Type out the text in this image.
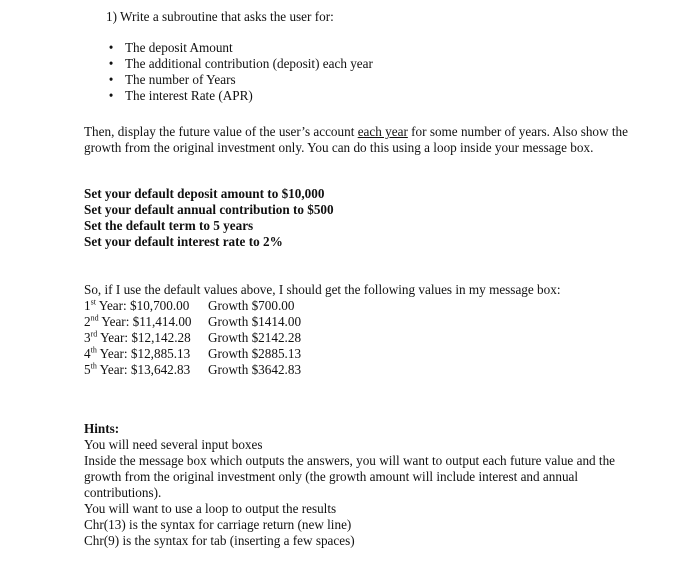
1) Write a subroutine that asks the user for:
• The deposit Amount
• The additional contribution (deposit) each year
• The number of Years
• The interest Rate (APR)
Then, display the future value of the user’s account each year for some number of years. Also show the growth from the original investment only. You can do this using a loop inside your message box.
Set your default deposit amount to $10,000
Set your default annual contribution to $500
Set the default term to 5 years
Set your default interest rate to 2%
So, if I use the default values above, I should get the following values in my message box:
1st Year: $10,700.00	Growth $700.00
2nd Year: $11,414.00	Growth $1414.00
3rd Year: $12,142.28	Growth $2142.28
4th Year: $12,885.13	Growth $2885.13
5th Year: $13,642.83	Growth $3642.83
Hints:
You will need several input boxes
Inside the message box which outputs the answers, you will want to output each future value and the growth from the original investment only (the growth amount will include interest and annual contributions).
You will want to use a loop to output the results
Chr(13) is the syntax for carriage return (new line)
Chr(9) is the syntax for tab (inserting a few spaces)
